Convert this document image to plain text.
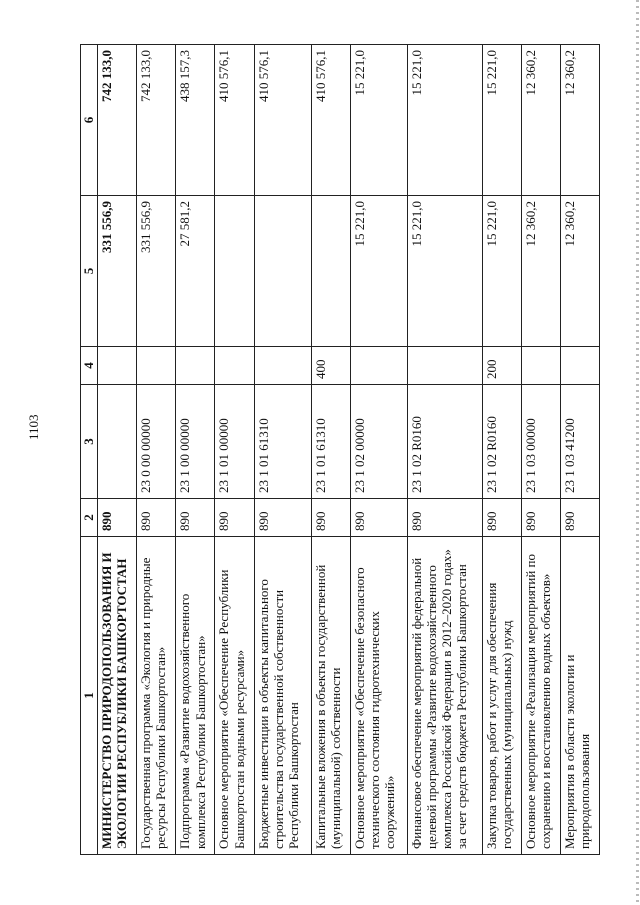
1103
1	2	3	4	5	6
МИНИСТЕРСТВО ПРИРОДОПОЛЬЗОВАНИЯ И ЭКОЛОГИИ РЕСПУБЛИКИ БАШКОРТОСТАН	890			331 556,9	742 133,0
Государственная программа «Экология и природные ресурсы Республики Башкортостан»	890	23 0 00 00000		331 556,9	742 133,0
Подпрограмма «Развитие водохозяйственного комплекса Республики Башкортостан»	890	23 1 00 00000		27 581,2	438 157,3
Основное мероприятие «Обеспечение Республики Башкортостан водными ресурсами»	890	23 1 01 00000			410 576,1
Бюджетные инвестиции в объекты капитального строительства государственной собственности Республики Башкортостан	890	23 1 01 61310			410 576,1
Капитальные вложения в объекты государственной (муниципальной) собственности	890	23 1 01 61310	400		410 576,1
Основное мероприятие «Обеспечение безопасного технического состояния гидротехнических сооружений»	890	23 1 02 00000		15 221,0	15 221,0
Финансовое обеспечение мероприятий федеральной целевой программы «Развитие водохозяйственного комплекса Российской Федерации в 2012–2020 годах» за счет средств бюджета Республики Башкортостан	890	23 1 02 R0160		15 221,0	15 221,0
Закупка товаров, работ и услуг для обеспечения государственных (муниципальных) нужд	890	23 1 02 R0160	200	15 221,0	15 221,0
Основное мероприятие «Реализация мероприятий по сохранению и восстановлению водных объектов»	890	23 1 03 00000		12 360,2	12 360,2
Мероприятия в области экологии и природопользования	890	23 1 03 41200		12 360,2	12 360,2
